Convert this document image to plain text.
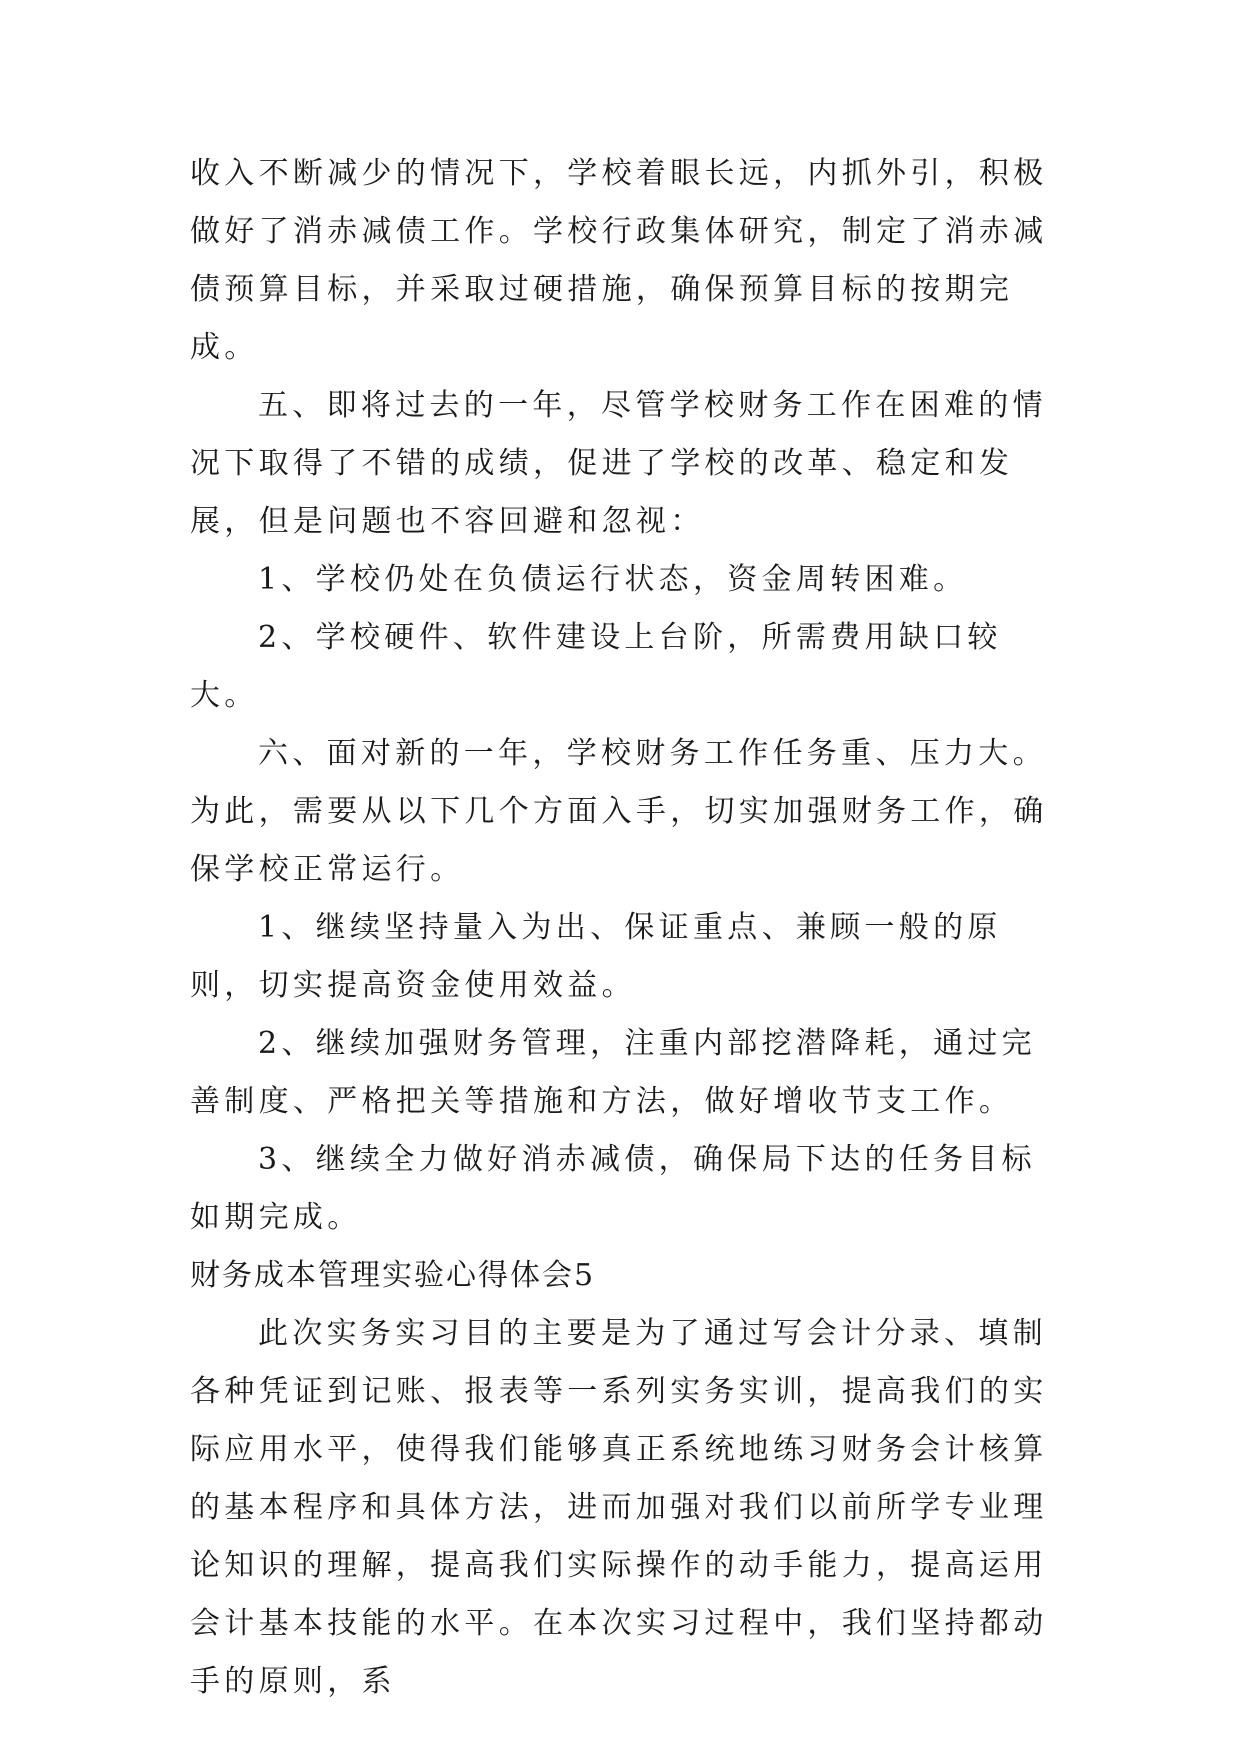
收入不断减少的情况下，学校着眼长远，内抓外引，积极做好了消赤减债工作。学校行政集体研究，制定了消赤减债预算目标，并采取过硬措施，确保预算目标的按期完成。

五、即将过去的一年，尽管学校财务工作在困难的情况下取得了不错的成绩，促进了学校的改革、稳定和发展，但是问题也不容回避和忽视：

1、学校仍处在负债运行状态，资金周转困难。

2、学校硬件、软件建设上台阶，所需费用缺口较大。

六、面对新的一年，学校财务工作任务重、压力大。为此，需要从以下几个方面入手，切实加强财务工作，确保学校正常运行。

1、继续坚持量入为出、保证重点、兼顾一般的原则，切实提高资金使用效益。

2、继续加强财务管理，注重内部挖潜降耗，通过完善制度、严格把关等措施和方法，做好增收节支工作。

3、继续全力做好消赤减债，确保局下达的任务目标如期完成。

财务成本管理实验心得体会5

此次实务实习目的主要是为了通过写会计分录、填制各种凭证到记账、报表等一系列实务实训，提高我们的实际应用水平，使得我们能够真正系统地练习财务会计核算的基本程序和具体方法，进而加强对我们以前所学专业理论知识的理解，提高我们实际操作的动手能力，提高运用会计基本技能的水平。在本次实习过程中，我们坚持都动手的原则，系
